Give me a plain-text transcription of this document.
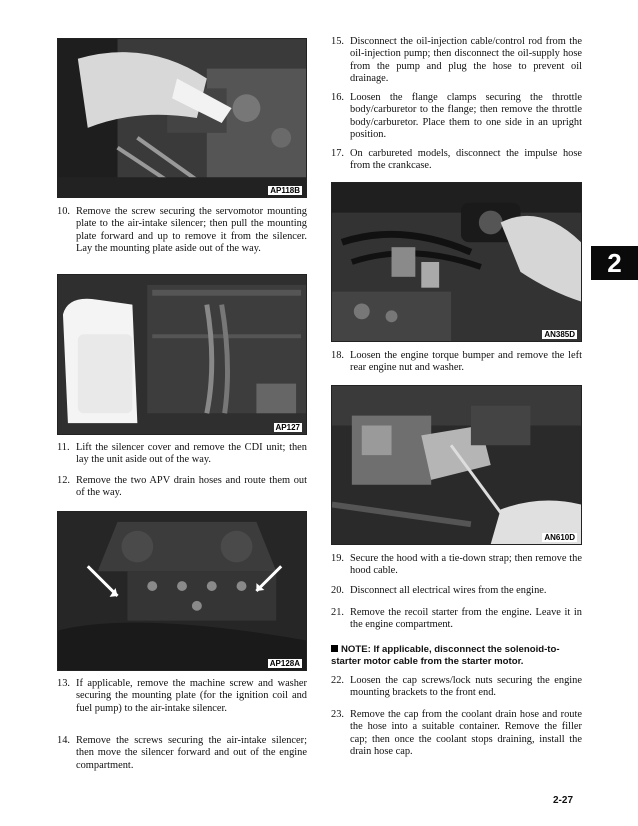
AP118B
10. Remove the screw securing the servomotor mounting plate to the air-intake silencer; then pull the mounting plate forward and up to remove it from the silencer. Lay the mounting plate aside out of the way.
AP127
11. Lift the silencer cover and remove the CDI unit; then lay the unit aside out of the way.
12. Remove the two APV drain hoses and route them out of the way.
AP128A
13. If applicable, remove the machine screw and washer securing the mounting plate (for the ignition coil and fuel pump) to the air-intake silencer.
14. Remove the screws securing the air-intake silencer; then move the silencer forward and out of the engine compartment.
15. Disconnect the oil-injection cable/control rod from the oil-injection pump; then disconnect the oil-supply hose from the pump and plug the hose to prevent oil drainage.
16. Loosen the flange clamps securing the throttle body/carburetor to the flange; then remove the throttle body/carburetor. Place them to one side in an upright position.
17. On carbureted models, disconnect the impulse hose from the crankcase.
AN385D
18. Loosen the engine torque bumper and remove the left rear engine nut and washer.
AN610D
19. Secure the hood with a tie-down strap; then remove the hood cable.
20. Disconnect all electrical wires from the engine.
21. Remove the recoil starter from the engine. Leave it in the engine compartment.
NOTE: If applicable, disconnect the solenoid-to-starter motor cable from the starter motor.
22. Loosen the cap screws/lock nuts securing the engine mounting brackets to the front end.
23. Remove the cap from the coolant drain hose and route the hose into a suitable container. Remove the filler cap; then once the coolant stops draining, install the drain hose cap.
2
2-27
